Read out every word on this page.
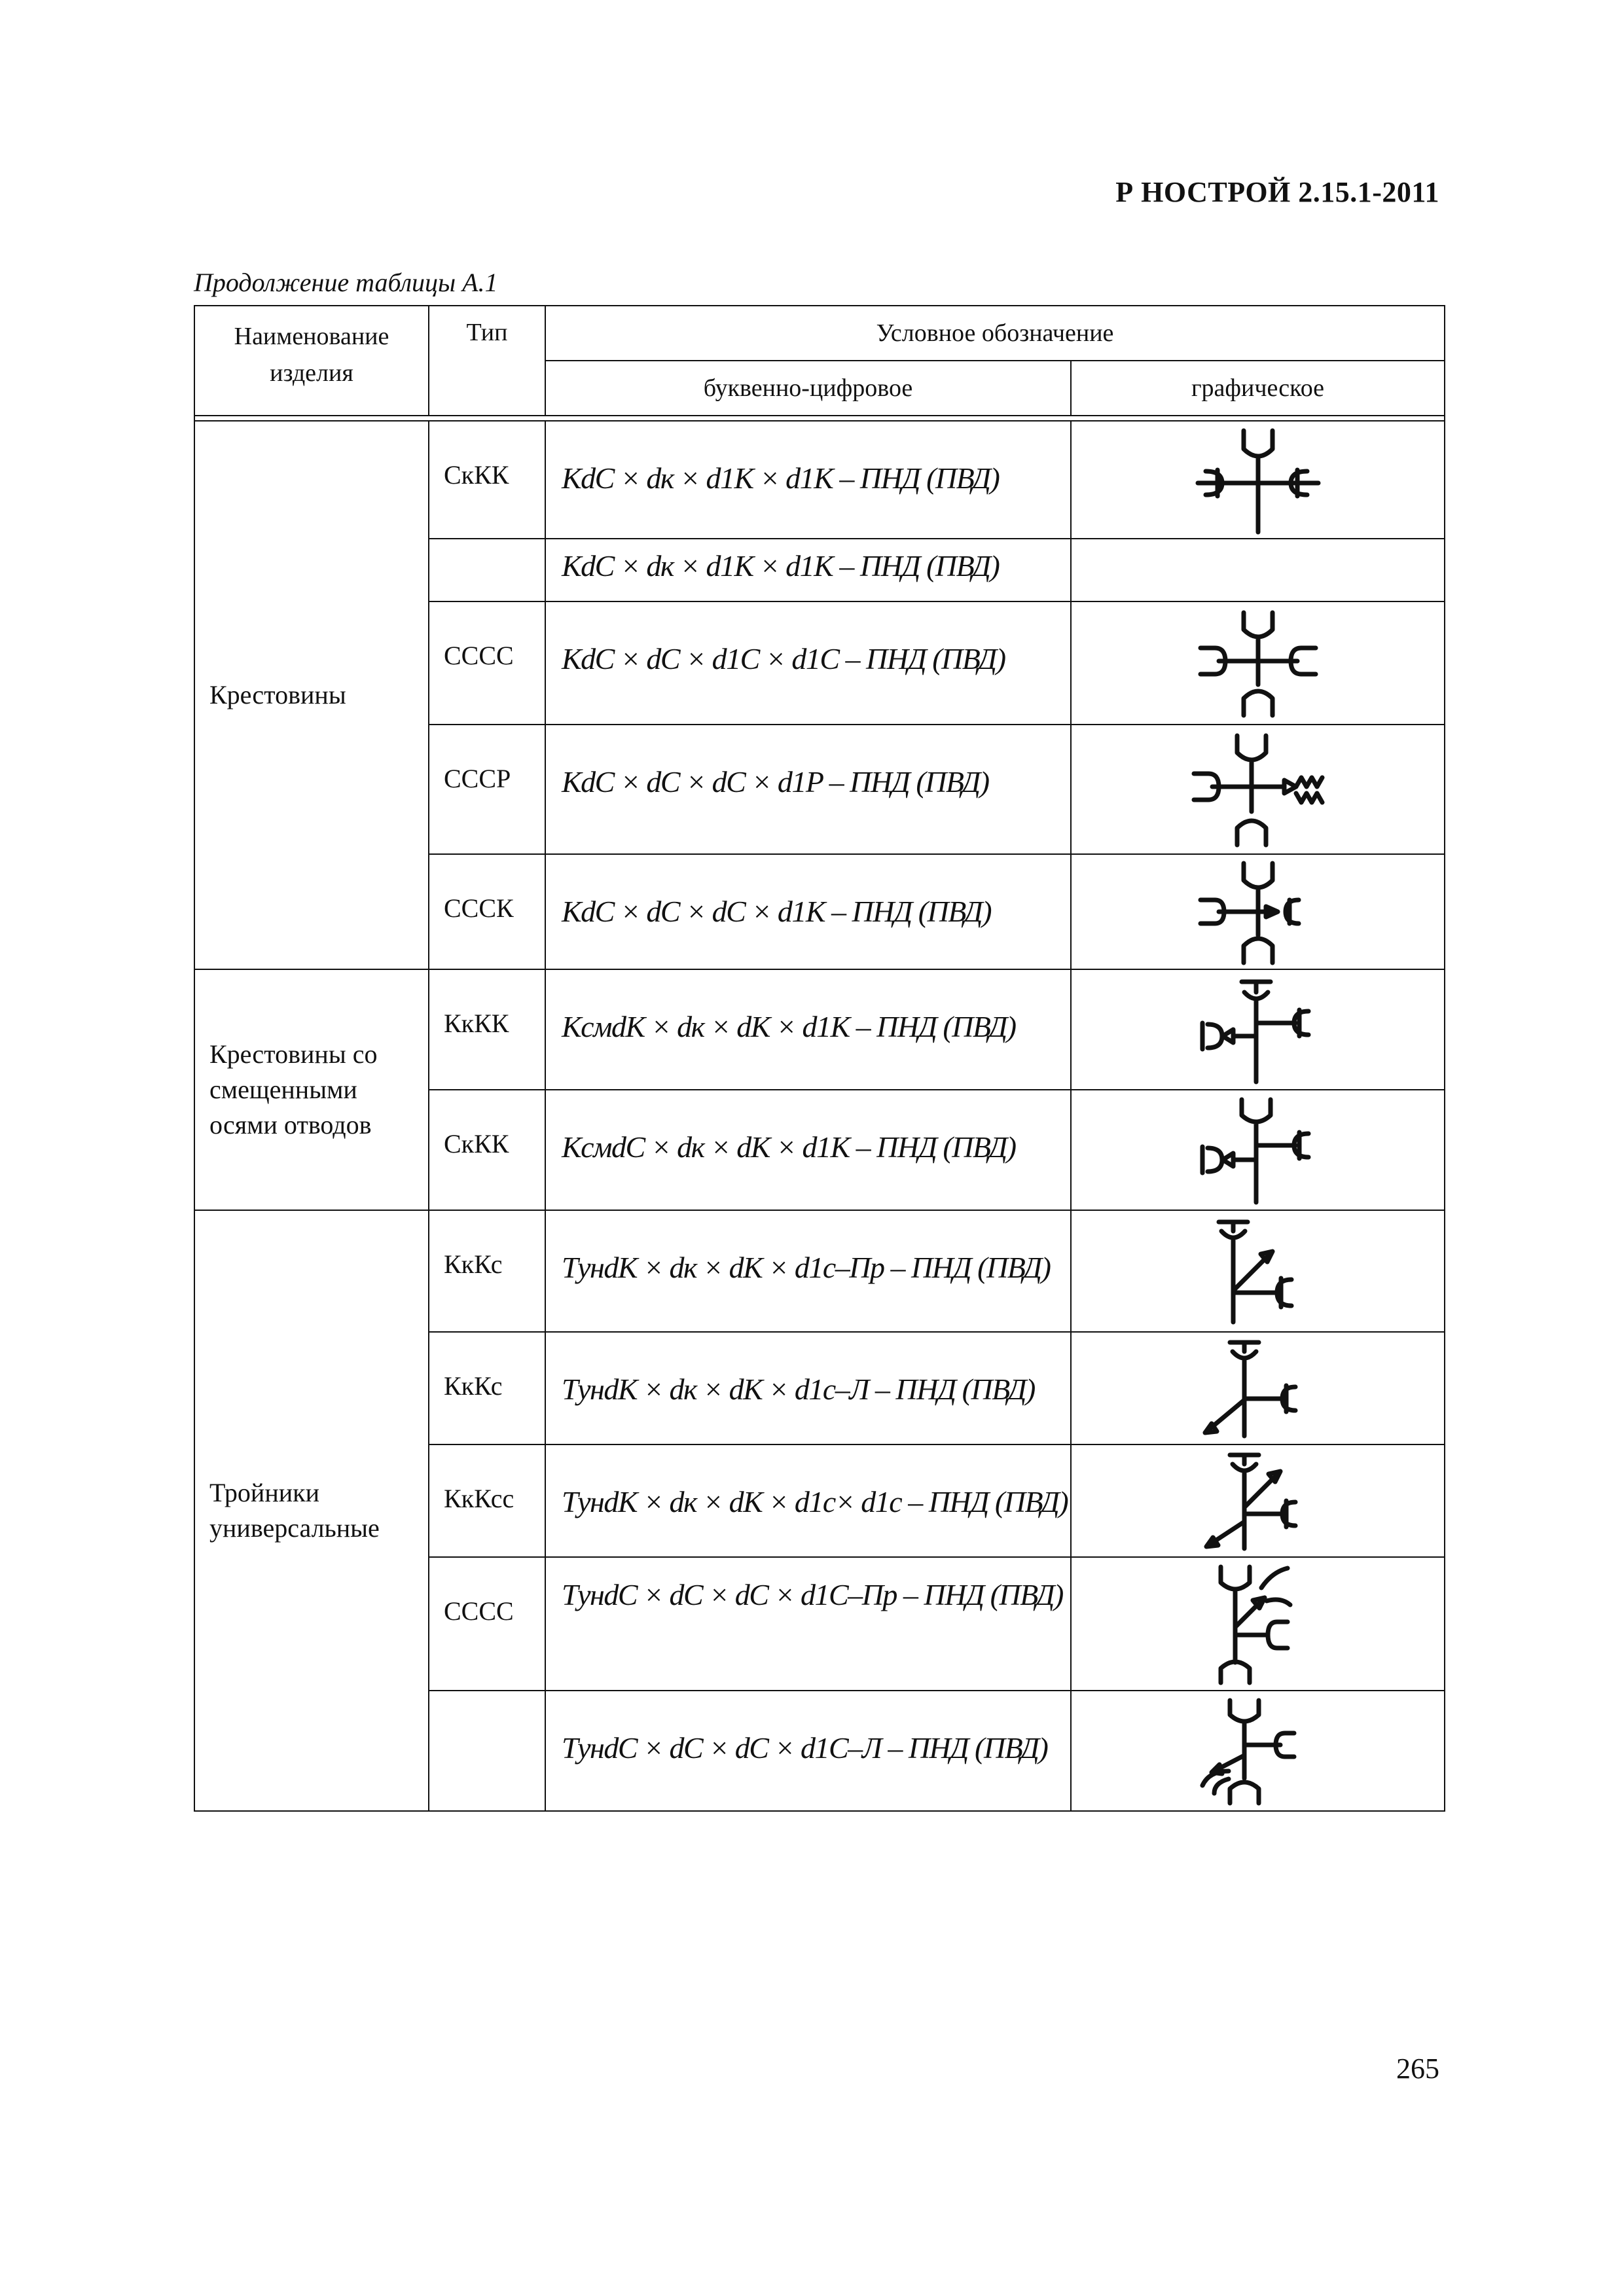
Р НОСТРОЙ 2.15.1-2011
Продолжение таблицы А.1
Наименование изделия	Тип	Условное обозначение	
		буквенно-цифровое	графическое

Крестовины	СкКК	KdC × dк × d1K × d1K – ПНД (ПВД)	

		KdC × dк × d1K × d1K – ПНД (ПВД)	
	СССС	KdC × dC × d1C × d1C – ПНД (ПВД)	

	СССР	KdC × dC × dC × d1P – ПНД (ПВД)	

	СССК	KdC × dC × dC × d1K – ПНД (ПВД)	

Крестовины со смещенными осями отводов	КкКК	KсмdK × dк × dK × d1K – ПНД (ПВД)	

	СкКК	KсмdC × dк × dK × d1K – ПНД (ПВД)	

Тройники универсальные	КкКс	TунdK × dк × dK × d1c–Пр – ПНД (ПВД)	

	КкКс	TунdK × dк × dK × d1c–Л – ПНД (ПВД)	

	КкКсс	TунdK × dк × dK × d1c× d1c – ПНД (ПВД)	

	СССС	TунdC × dC × dC × d1C–Пр – ПНД (ПВД)	

		TунdC × dC × dC × d1C–Л – ПНД (ПВД)	
265
